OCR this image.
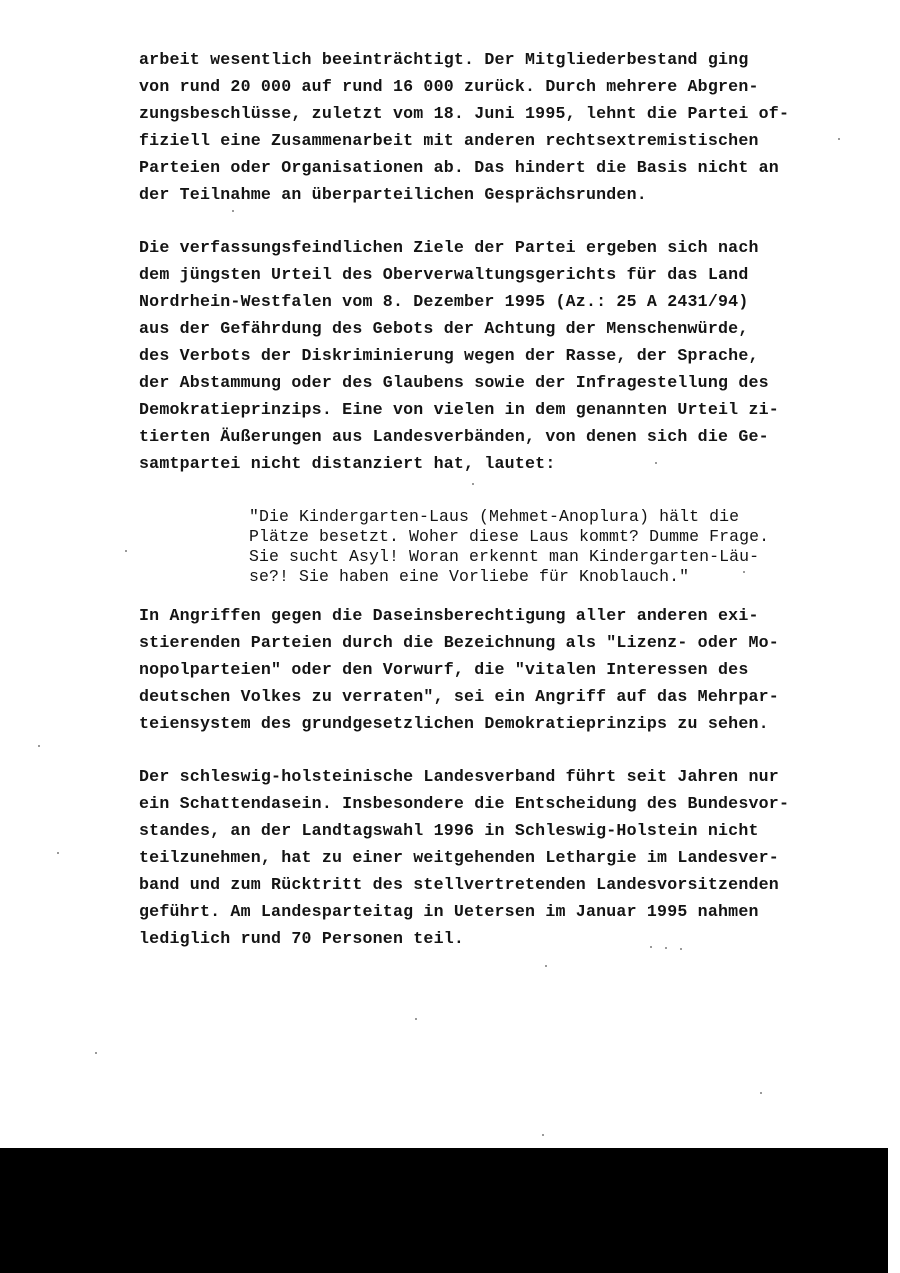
arbeit wesentlich beeinträchtigt. Der Mitgliederbestand ging
von rund 20 000 auf rund 16 000 zurück. Durch mehrere Abgren-
zungsbeschlüsse, zuletzt vom 18. Juni 1995, lehnt die Partei of-
fiziell eine Zusammenarbeit mit anderen rechtsextremistischen
Parteien oder Organisationen ab. Das hindert die Basis nicht an
der Teilnahme an überparteilichen Gesprächsrunden.
Die verfassungsfeindlichen Ziele der Partei ergeben sich nach
dem jüngsten Urteil des Oberverwaltungsgerichts für das Land
Nordrhein-Westfalen vom 8. Dezember 1995 (Az.: 25 A 2431/94)
aus der Gefährdung des Gebots der Achtung der Menschenwürde,
des Verbots der Diskriminierung wegen der Rasse, der Sprache,
der Abstammung oder des Glaubens sowie der Infragestellung des
Demokratieprinzips. Eine von vielen in dem genannten Urteil zi-
tierten Äußerungen aus Landesverbänden, von denen sich die Ge-
samtpartei nicht distanziert hat, lautet:
"Die Kindergarten-Laus (Mehmet-Anoplura) hält die
Plätze besetzt. Woher diese Laus kommt? Dumme Frage.
Sie sucht Asyl! Woran erkennt man Kindergarten-Läu-
se?! Sie haben eine Vorliebe für Knoblauch."
In Angriffen gegen die Daseinsberechtigung aller anderen exi-
stierenden Parteien durch die Bezeichnung als "Lizenz- oder Mo-
nopolparteien" oder den Vorwurf, die "vitalen Interessen des
deutschen Volkes zu verraten", sei ein Angriff auf das Mehrpar-
teiensystem des grundgesetzlichen Demokratieprinzips zu sehen.
Der schleswig-holsteinische Landesverband führt seit Jahren nur
ein Schattendasein. Insbesondere die Entscheidung des Bundesvor-
standes, an der Landtagswahl 1996 in Schleswig-Holstein nicht
teilzunehmen, hat zu einer weitgehenden Lethargie im Landesver-
band und zum Rücktritt des stellvertretenden Landesvorsitzenden
geführt. Am Landesparteitag in Uetersen im Januar 1995 nahmen
lediglich rund 70 Personen teil.
